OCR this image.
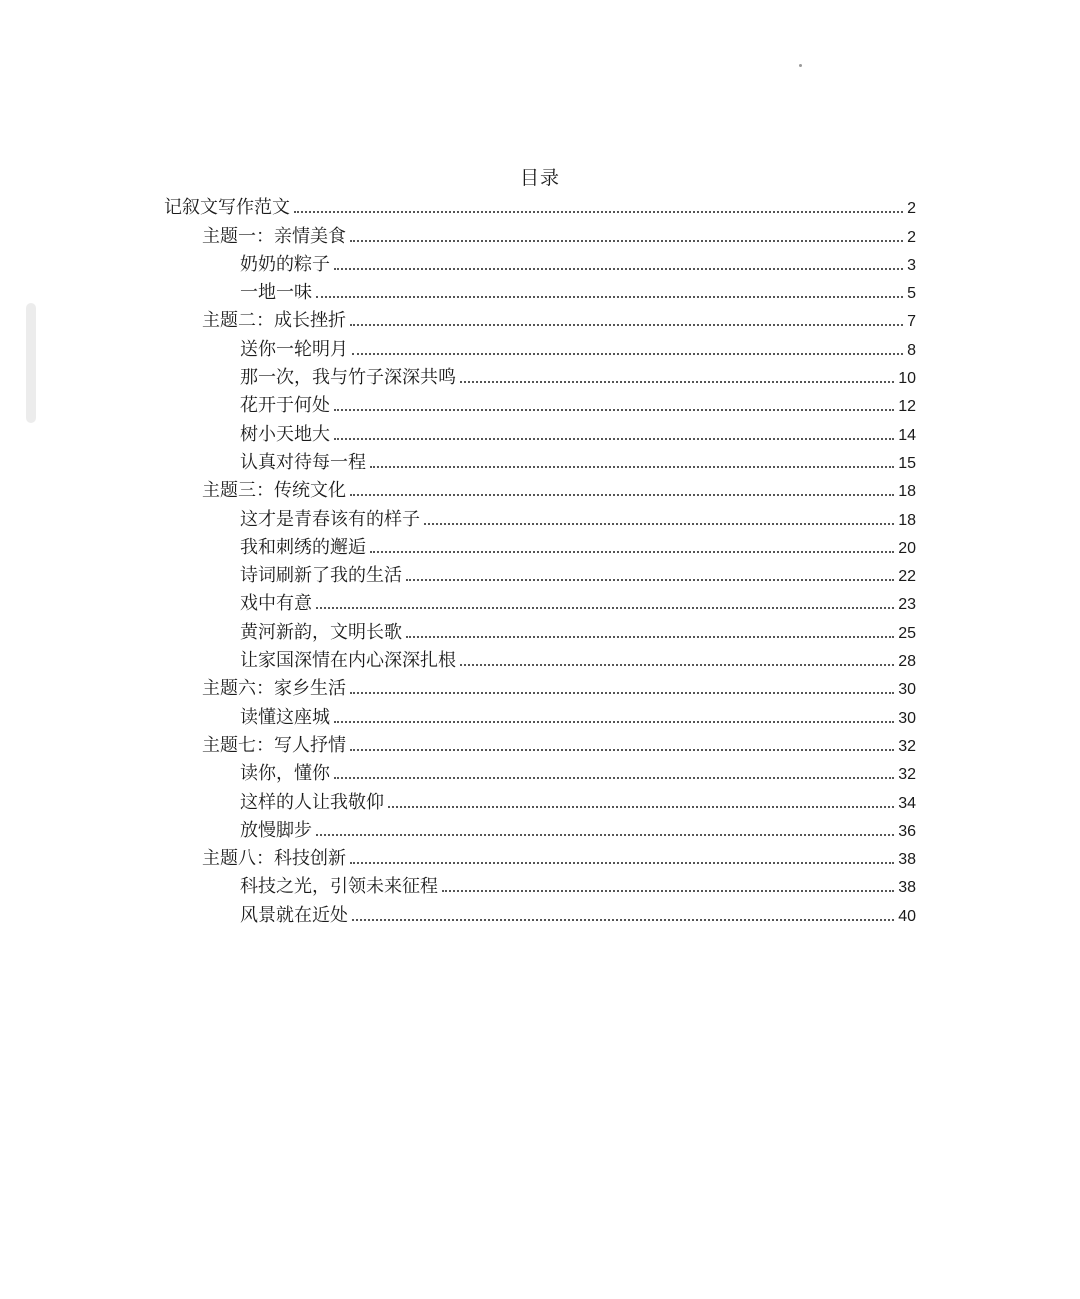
目录
记叙文写作范文	2
主题一：亲情美食	2
奶奶的粽子	3
一地一味	5
主题二：成长挫折	7
送你一轮明月	8
那一次，我与竹子深深共鸣	10
花开于何处	12
树小天地大	14
认真对待每一程	15
主题三：传统文化	18
这才是青春该有的样子	18
我和刺绣的邂逅	20
诗词刷新了我的生活	22
戏中有意	23
黄河新韵，文明长歌	25
让家国深情在内心深深扎根	28
主题六：家乡生活	30
读懂这座城	30
主题七：写人抒情	32
读你，懂你	32
这样的人让我敬仰	34
放慢脚步	36
主题八：科技创新	38
科技之光，引领未来征程	38
风景就在近处	40
